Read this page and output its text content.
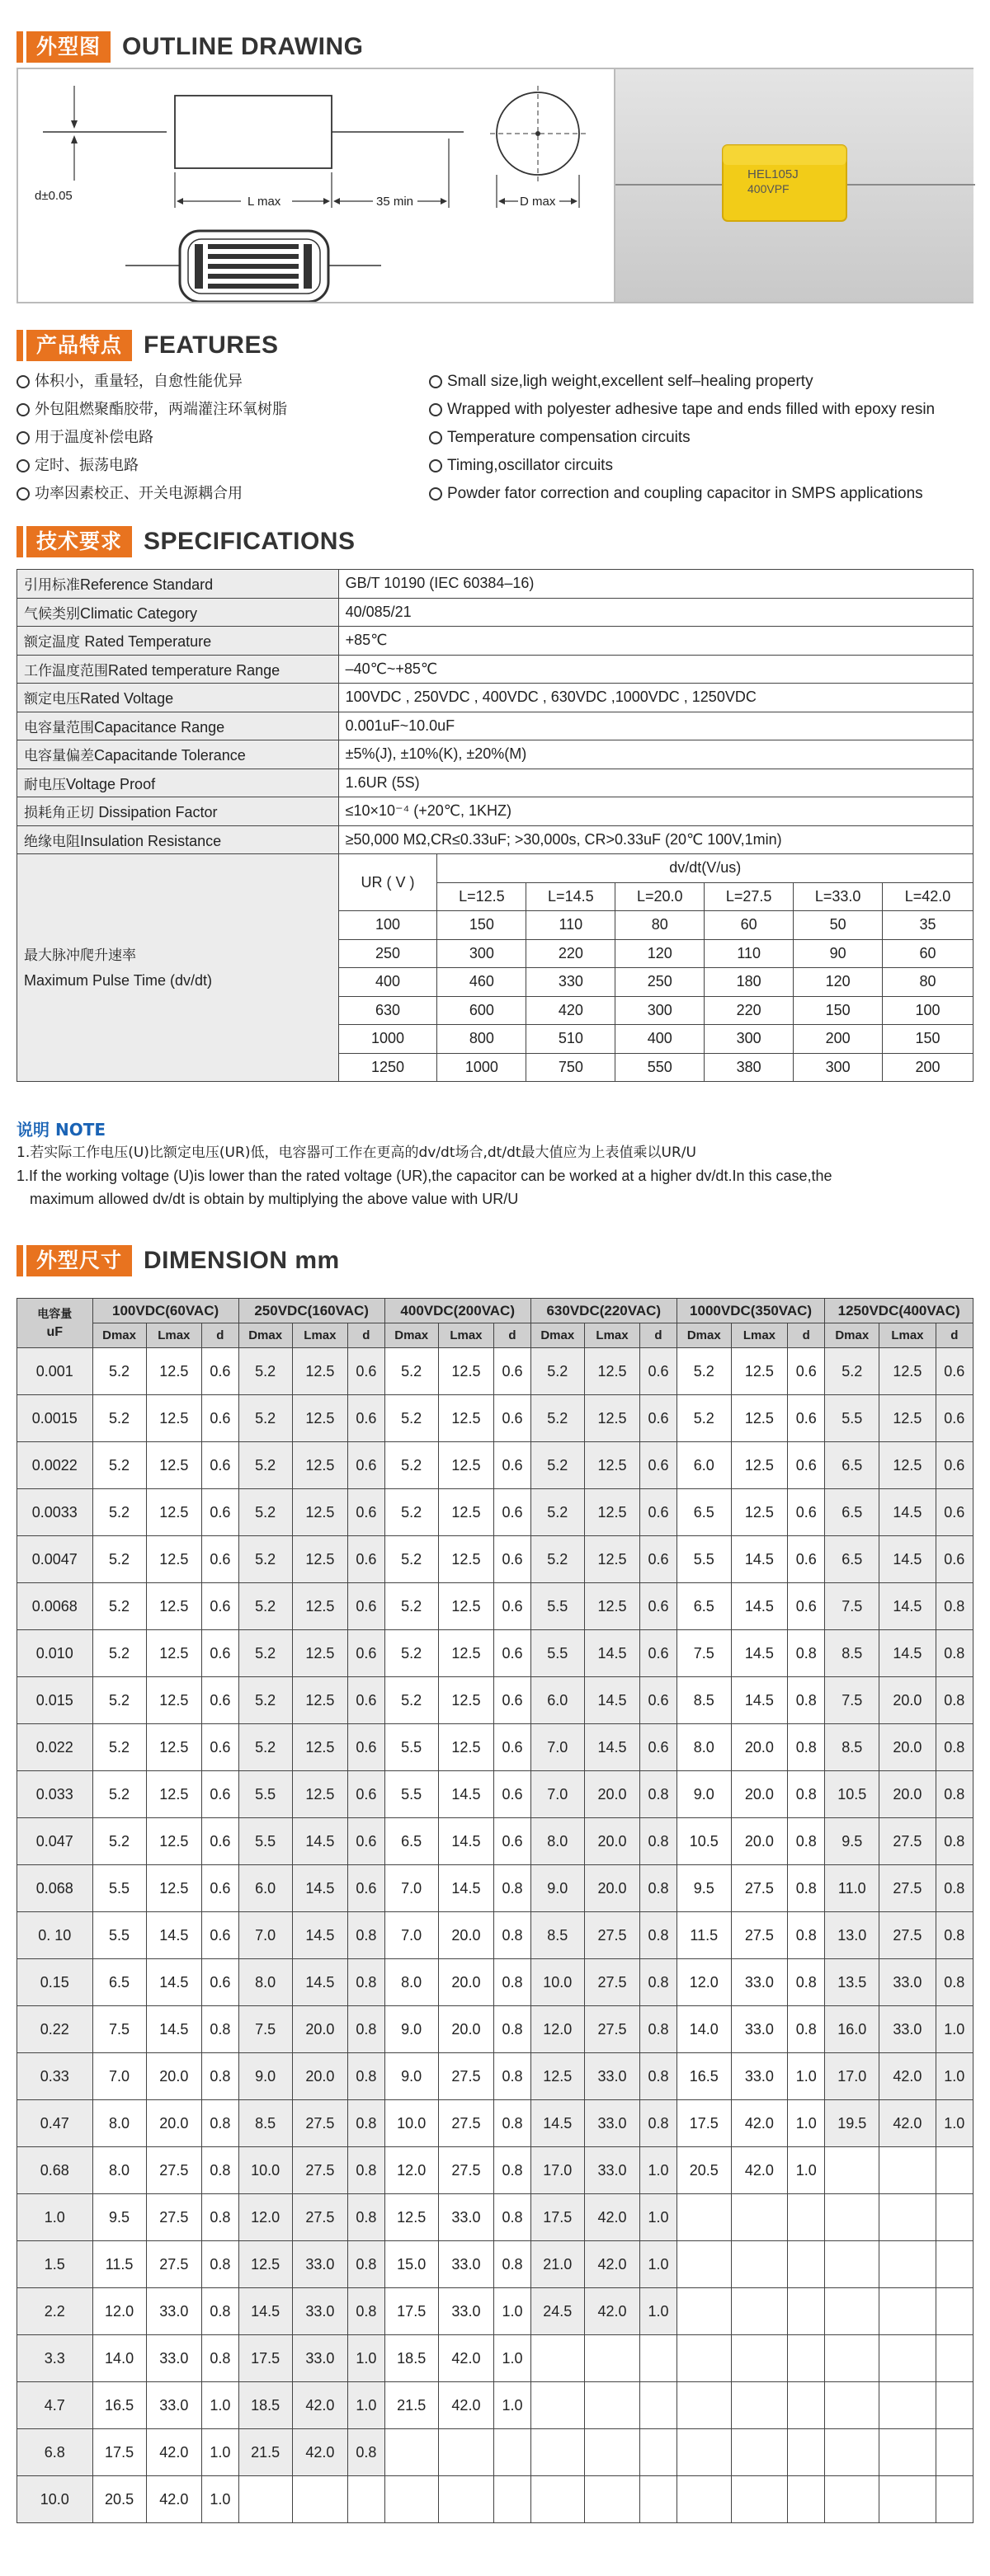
外型图 OUTLINE DRAWING
d±0.05	L max	35 min	D max
HEL105J
400VPF
产品特点 FEATURES
体积小，重量轻，自愈性能优异
外包阻燃聚酯胶带，两端灌注环氧树脂
用于温度补偿电路
定时、振荡电路
功率因素校正、开关电源耦合用
Small size,ligh weight,excellent self–healing property
Wrapped with polyester adhesive tape and ends filled with epoxy resin
Temperature compensation circuits
Timing,oscillator circuits
Powder fator correction and coupling capacitor in SMPS applications
技术要求 SPECIFICATIONS
引用标准Reference Standard	GB/T 10190 (IEC 60384–16)						
气候类别Climatic Category	40/085/21						
额定温度 Rated Temperature	+85℃						
工作温度范围Rated temperature Range	–40℃~+85℃						
额定电压Rated Voltage	100VDC , 250VDC , 400VDC , 630VDC ,1000VDC , 1250VDC						
电容量范围Capacitance Range	0.001uF~10.0uF						
电容量偏差Capacitande Tolerance	±5%(J), ±10%(K), ±20%(M)						
耐电压Voltage Proof	1.6UR (5S)						
损耗角正切 Dissipation Factor	≤10×10⁻⁴ (+20℃, 1KHZ)						
绝缘电阻Insulation Resistance	≥50,000 MΩ,CR≤0.33uF; >30,000s, CR>0.33uF (20℃ 100V,1min)						

最大脉冲爬升速率
Maximum Pulse Time (dv/dt)	UR ( V )	dv/dt(V/us)					
		L=12.5	L=14.5	L=20.0	L=27.5	L=33.0	L=42.0
	100	150	110	80	60	50	35
	250	300	220	120	110	90	60
	400	460	330	250	180	120	80
	630	600	420	300	220	150	100
	1000	800	510	400	300	200	150
	1250	1000	750	550	380	300	200
说明 NOTE
1.若实际工作电压(U)比额定电压(UR)低，电容器可工作在更高的dv/dt场合,dt/dt最大值应为上表值乘以UR/U
1.If the working voltage (U)is lower than the rated voltage (UR),the capacitor can be worked at a higher dv/dt.In this case,the
maximum allowed dv/dt is obtain by multiplying the above value with UR/U
外型尺寸 DIMENSION mm
电容量
uF	100VDC(60VAC)			250VDC(160VAC)			400VDC(200VAC)			630VDC(220VAC)			1000VDC(350VAC)			1250VDC(400VAC)		
	Dmax	Lmax	d	Dmax	Lmax	d	Dmax	Lmax	d	Dmax	Lmax	d	Dmax	Lmax	d	Dmax	Lmax	d
0.001	5.2	12.5	0.6	5.2	12.5	0.6	5.2	12.5	0.6	5.2	12.5	0.6	5.2	12.5	0.6	5.2	12.5	0.6
0.0015	5.2	12.5	0.6	5.2	12.5	0.6	5.2	12.5	0.6	5.2	12.5	0.6	5.2	12.5	0.6	5.5	12.5	0.6
0.0022	5.2	12.5	0.6	5.2	12.5	0.6	5.2	12.5	0.6	5.2	12.5	0.6	6.0	12.5	0.6	6.5	12.5	0.6
0.0033	5.2	12.5	0.6	5.2	12.5	0.6	5.2	12.5	0.6	5.2	12.5	0.6	6.5	12.5	0.6	6.5	14.5	0.6
0.0047	5.2	12.5	0.6	5.2	12.5	0.6	5.2	12.5	0.6	5.2	12.5	0.6	5.5	14.5	0.6	6.5	14.5	0.6
0.0068	5.2	12.5	0.6	5.2	12.5	0.6	5.2	12.5	0.6	5.5	12.5	0.6	6.5	14.5	0.6	7.5	14.5	0.8
0.010	5.2	12.5	0.6	5.2	12.5	0.6	5.2	12.5	0.6	5.5	14.5	0.6	7.5	14.5	0.8	8.5	14.5	0.8
0.015	5.2	12.5	0.6	5.2	12.5	0.6	5.2	12.5	0.6	6.0	14.5	0.6	8.5	14.5	0.8	7.5	20.0	0.8
0.022	5.2	12.5	0.6	5.2	12.5	0.6	5.5	12.5	0.6	7.0	14.5	0.6	8.0	20.0	0.8	8.5	20.0	0.8
0.033	5.2	12.5	0.6	5.5	12.5	0.6	5.5	14.5	0.6	7.0	20.0	0.8	9.0	20.0	0.8	10.5	20.0	0.8
0.047	5.2	12.5	0.6	5.5	14.5	0.6	6.5	14.5	0.6	8.0	20.0	0.8	10.5	20.0	0.8	9.5	27.5	0.8
0.068	5.5	12.5	0.6	6.0	14.5	0.6	7.0	14.5	0.8	9.0	20.0	0.8	9.5	27.5	0.8	11.0	27.5	0.8
0. 10	5.5	14.5	0.6	7.0	14.5	0.8	7.0	20.0	0.8	8.5	27.5	0.8	11.5	27.5	0.8	13.0	27.5	0.8
0.15	6.5	14.5	0.6	8.0	14.5	0.8	8.0	20.0	0.8	10.0	27.5	0.8	12.0	33.0	0.8	13.5	33.0	0.8
0.22	7.5	14.5	0.8	7.5	20.0	0.8	9.0	20.0	0.8	12.0	27.5	0.8	14.0	33.0	0.8	16.0	33.0	1.0
0.33	7.0	20.0	0.8	9.0	20.0	0.8	9.0	27.5	0.8	12.5	33.0	0.8	16.5	33.0	1.0	17.0	42.0	1.0
0.47	8.0	20.0	0.8	8.5	27.5	0.8	10.0	27.5	0.8	14.5	33.0	0.8	17.5	42.0	1.0	19.5	42.0	1.0
0.68	8.0	27.5	0.8	10.0	27.5	0.8	12.0	27.5	0.8	17.0	33.0	1.0	20.5	42.0	1.0			
1.0	9.5	27.5	0.8	12.0	27.5	0.8	12.5	33.0	0.8	17.5	42.0	1.0						
1.5	11.5	27.5	0.8	12.5	33.0	0.8	15.0	33.0	0.8	21.0	42.0	1.0						
2.2	12.0	33.0	0.8	14.5	33.0	0.8	17.5	33.0	1.0	24.5	42.0	1.0						
3.3	14.0	33.0	0.8	17.5	33.0	1.0	18.5	42.0	1.0									
4.7	16.5	33.0	1.0	18.5	42.0	1.0	21.5	42.0	1.0									
6.8	17.5	42.0	1.0	21.5	42.0	0.8												
10.0	20.5	42.0	1.0															
